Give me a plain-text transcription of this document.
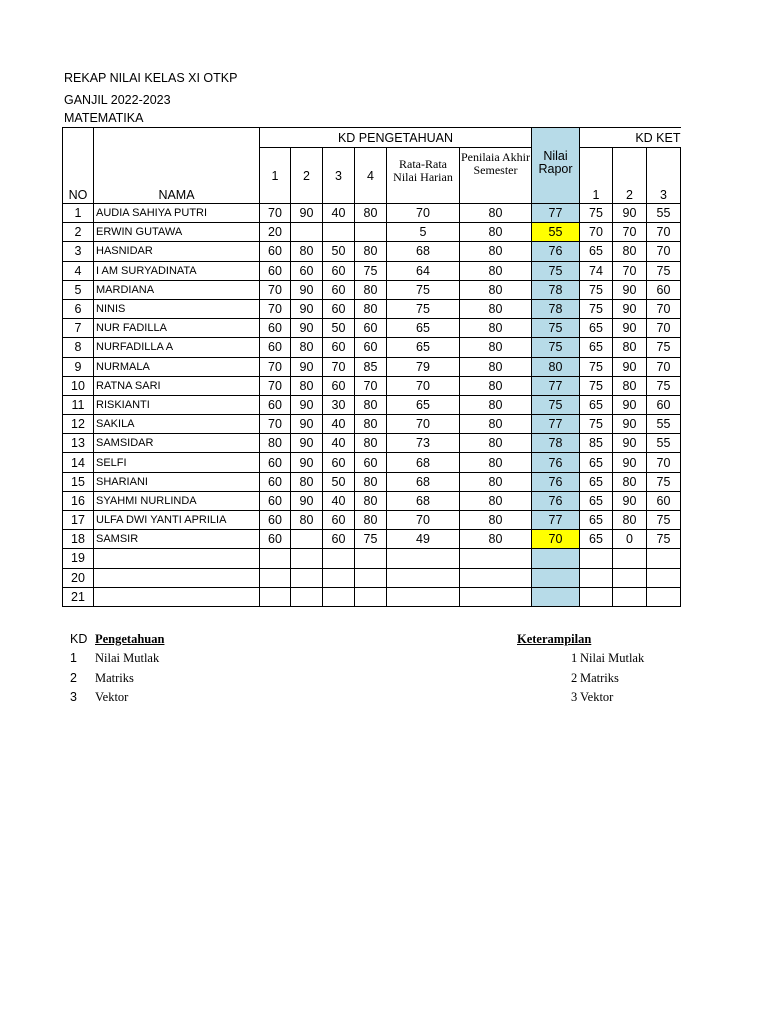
REKAP NILAI KELAS XI OTKP
GANJIL 2022-2023
MATEMATIKA
NO	NAMA	KD PENGETAHUAN						Nilai Rapor	KD KET		
		1	2	3	4	Rata-Rata Nilai Harian	Penilaia Akhir Semester		1	2	3
1	AUDIA SAHIYA PUTRI	70	90	40	80	70	80	77	75	90	55
2	ERWIN GUTAWA	20				5	80	55	70	70	70
3	HASNIDAR	60	80	50	80	68	80	76	65	80	70
4	I AM SURYADINATA	60	60	60	75	64	80	75	74	70	75
5	MARDIANA	70	90	60	80	75	80	78	75	90	60
6	NINIS	70	90	60	80	75	80	78	75	90	70
7	NUR FADILLA	60	90	50	60	65	80	75	65	90	70
8	NURFADILLA A	60	80	60	60	65	80	75	65	80	75
9	NURMALA	70	90	70	85	79	80	80	75	90	70
10	RATNA SARI	70	80	60	70	70	80	77	75	80	75
11	RISKIANTI	60	90	30	80	65	80	75	65	90	60
12	SAKILA	70	90	40	80	70	80	77	75	90	55
13	SAMSIDAR	80	90	40	80	73	80	78	85	90	55
14	SELFI	60	90	60	60	68	80	76	65	90	70
15	SHARIANI	60	80	50	80	68	80	76	65	80	75
16	SYAHMI NURLINDA	60	90	40	80	68	80	76	65	90	60
17	ULFA DWI YANTI APRILIA	60	80	60	80	70	80	77	65	80	75
18	SAMSIR	60		60	75	49	80	70	65	0	75
19											
20											
21											
KD Pengetahuan
1 Nilai Mutlak
2 Matriks
3 Vektor
Keterampilan
1 Nilai Mutlak
2 Matriks
3 Vektor
